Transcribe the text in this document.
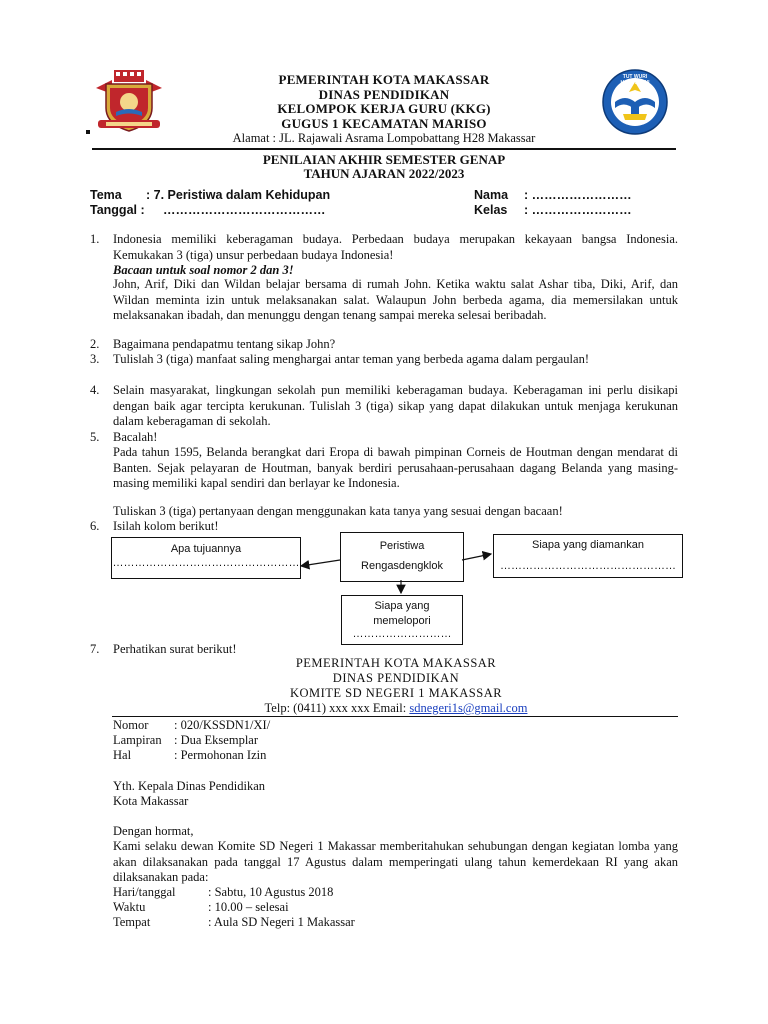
TUT WURI HANDAYANI
PEMERINTAH KOTA MAKASSAR
DINAS PENDIDIKAN
KELOMPOK KERJA GURU (KKG)
GUGUS 1 KECAMATAN MARISO
Alamat : JL. Rajawali Asrama Lompobattang H28 Makassar
PENILAIAN AKHIR SEMESTER GENAP
TAHUN AJARAN 2022/2023
Tema : 7. Peristiwa dalam Kehidupan
Tanggal : …………………………………
Nama : ……………………
Kelas : ……………………
1. Indonesia memiliki keberagaman budaya. Perbedaan budaya merupakan kekayaan bangsa Indonesia. Kemukakan 3 (tiga) unsur perbedaan budaya Indonesia!
Bacaan untuk soal nomor 2 dan 3!
John, Arif, Diki dan Wildan belajar bersama di rumah John. Ketika waktu salat Ashar tiba, Diki, Arif, dan Wildan meminta izin untuk melaksanakan salat. Walaupun John berbeda agama, dia memersilakan untuk melaksanakan ibadah, dan menunggu dengan tenang sampai mereka selesai beribadah.
2. Bagaimana pendapatmu tentang sikap John?
3. Tulislah 3 (tiga) manfaat saling menghargai antar teman yang berbeda agama dalam pergaulan!
4. Selain masyarakat, lingkungan sekolah pun memiliki keberagaman budaya. Keberagaman ini perlu disikapi dengan baik agar tercipta kerukunan. Tulislah 3 (tiga) sikap yang dapat dilakukan untuk menjaga kerukunan dalam keberagaman di sekolah.
5. Bacalah!
Pada tahun 1595, Belanda berangkat dari Eropa di bawah pimpinan Corneis de Houtman dengan mendarat di Banten. Sejak pelayaran de Houtman, banyak berdiri perusahaan-perusahaan dagang Belanda yang masing-masing memiliki kapal sendiri dan berlayar ke Indonesia.
Tuliskan 3 (tiga) pertanyaan dengan menggunakan kata tanya yang sesuai dengan bacaan!
6. Isilah kolom berikut!
Apa tujuannya
……………………………………………
Peristiwa
Rengasdengklok
Siapa yang diamankan
…………………………………………
Siapa yang
memelopori
………………………
7. Perhatikan surat berikut!
PEMERINTAH KOTA MAKASSAR
DINAS PENDIDIKAN
KOMITE SD NEGERI 1 MAKASSAR
Telp: (0411) xxx xxx Email: sdnegeri1s@gmail.com
Nomor : 020/KSSDN1/XI/
Lampiran : Dua Eksemplar
Hal	: Permohonan Izin
Yth. Kepala Dinas Pendidikan
Kota Makassar
Dengan hormat,
Kami selaku dewan Komite SD Negeri 1 Makassar memberitahukan sehubungan dengan kegiatan lomba yang akan dilaksanakan pada tanggal 17 Agustus dalam memperingati ulang tahun kemerdekaan RI yang akan dilaksanakan pada:
Hari/tanggal	: Sabtu, 10 Agustus 2018
Waktu	: 10.00 – selesai
Tempat	: Aula SD Negeri 1 Makassar
